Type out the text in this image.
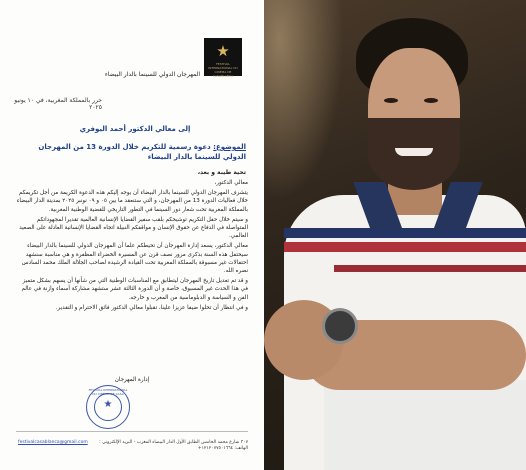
★
FESTIVAL INTERNATIONAL DU CINÉMA DE CASABLANCA
المهرجان الدولي للسينما بالدار البيضاء
حرر بالمملكة المغربية، في ١٠ يونيو ٢٠٢٥
إلى معالي الدكتور أحمد اليوفري
الموضوع: دعوة رسمية للتكريم خلال الدورة 13 من المهرجان الدولي للسينما بالدار البيضاء
تحية طيبة و بعد،

معالي الدكتور،

يتشرف المهرجان الدولي للسينما بالدار البيضاء أن يوجه إليكم هذه الدعوة الكريمة من أجل تكريمكم خلال فعاليات الدورة 13 من المهرجان، و التي ستنعقد ما بين ٠٥ و ٠٩ نونبر ٢٠٢٥ بمدينة الدار البيضاء بالمملكة المغربية تحت شعار دور السينما في التطور التاريخي للقضية الوطنية المغربية.

و سيتم خلال حفل التكريم توشيحكم بلقب سفير القضايا الإنسانية العالمية تقديرا لمجهوداتكم المتواصلة في الدفاع عن حقوق الإنسان و مواقفكم النبيلة اتجاه القضايا الإنسانية العادلة على الصعيد العالمي.

معالي الدكتور، يسعد إدارة المهرجان أن تحيطكم علما أن المهرجان الدولي للسينما بالدار البيضاء سيحتفل هذه السنة بذكرى مرور نصف قرن عن المسيرة الخضراء المظفرة و هي مناسبة سنشهد احتفالات غير مسبوقة بالمملكة المغربية تحت القيادة الرشيدة لصاحب الجلالة الملك محمد السادس نصره الله.

و قد تم تعديل تاريخ المهرجان ليتطابق مع المناسبات الوطنية التي من شأنها أن يسهم بشكل متميز في هذا الحدث غير المسبوق، خاصة و أن الدورة الثالثة عشر ستشهد مشاركة أسماء وازنة في عالم الفن و السياسة و الدبلوماسية من المغرب و خارجه.

و في انتظار أن تحلوا ضيفا عزيزا علينا، تقبلوا معالي الدكتور فائق الاحترام و التقدير.

إدارة المهرجان
FESTIVAL INTERNATIONAL DU CINÉMA DE CASA
★
٣٠٧ شارع محمد الخامس الطابق الأول الدار البيضاء المغرب - البريد الإلكتروني :
الهاتف: ١٢١٢٠٧٧٥٠١٦٦٤+
festivalcasablanca@gmail.com
